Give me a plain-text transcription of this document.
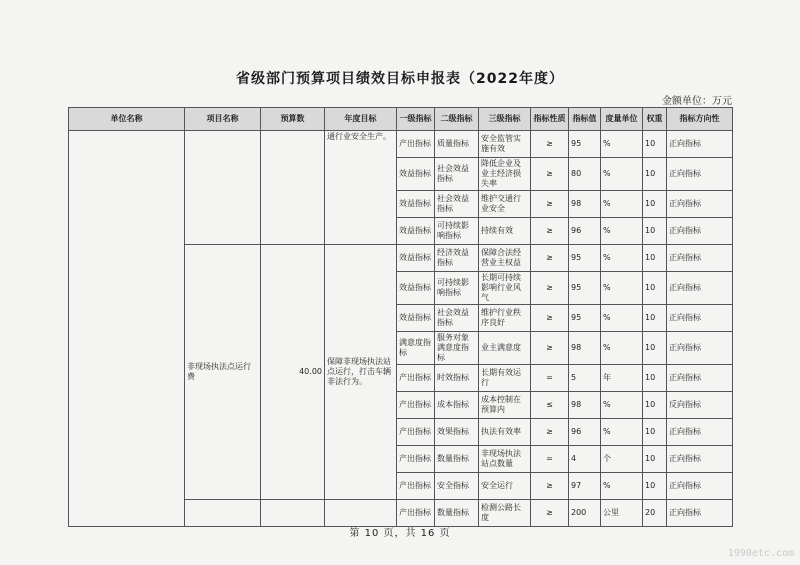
省级部门预算项目绩效目标申报表（2022年度）
金额单位：万元
单位名称	项目名称	预算数	年度目标	一级指标	二级指标	三级指标	指标性质	指标值	度量单位	权重	指标方向性
			通行业安全生产。	产出指标	质量指标	安全监管实施有效	≥	95	%	10	正向指标
				效益指标	社会效益指标	降低企业及业主经济损失率	≥	80	%	10	正向指标
				效益指标	社会效益指标	维护交通行业安全	≥	98	%	10	正向指标
				效益指标	可持续影响指标	持续有效	≥	96	%	10	正向指标
	非现场执法点运行费	40.00	保障非现场执法站点运行，打击车辆非法行为。	效益指标	经济效益指标	保障合法经营业主权益	≥	95	%	10	正向指标
				效益指标	可持续影响指标	长期可持续影响行业风气	≥	95	%	10	正向指标
				效益指标	社会效益指标	维护行业秩序良好	≥	95	%	10	正向指标
				满意度指标	服务对象满意度指标	业主满意度	≥	98	%	10	正向指标
				产出指标	时效指标	长期有效运行	=	5	年	10	正向指标
				产出指标	成本指标	成本控制在预算内	≤	98	%	10	反向指标
				产出指标	效果指标	执法有效率	≥	96	%	10	正向指标
				产出指标	数量指标	非现场执法站点数量	=	4	个	10	正向指标
				产出指标	安全指标	安全运行	≥	97	%	10	正向指标
				产出指标	数量指标	检测公路长度	≥	200	公里	20	正向指标
第 10 页，共 16 页
1990etc.com
